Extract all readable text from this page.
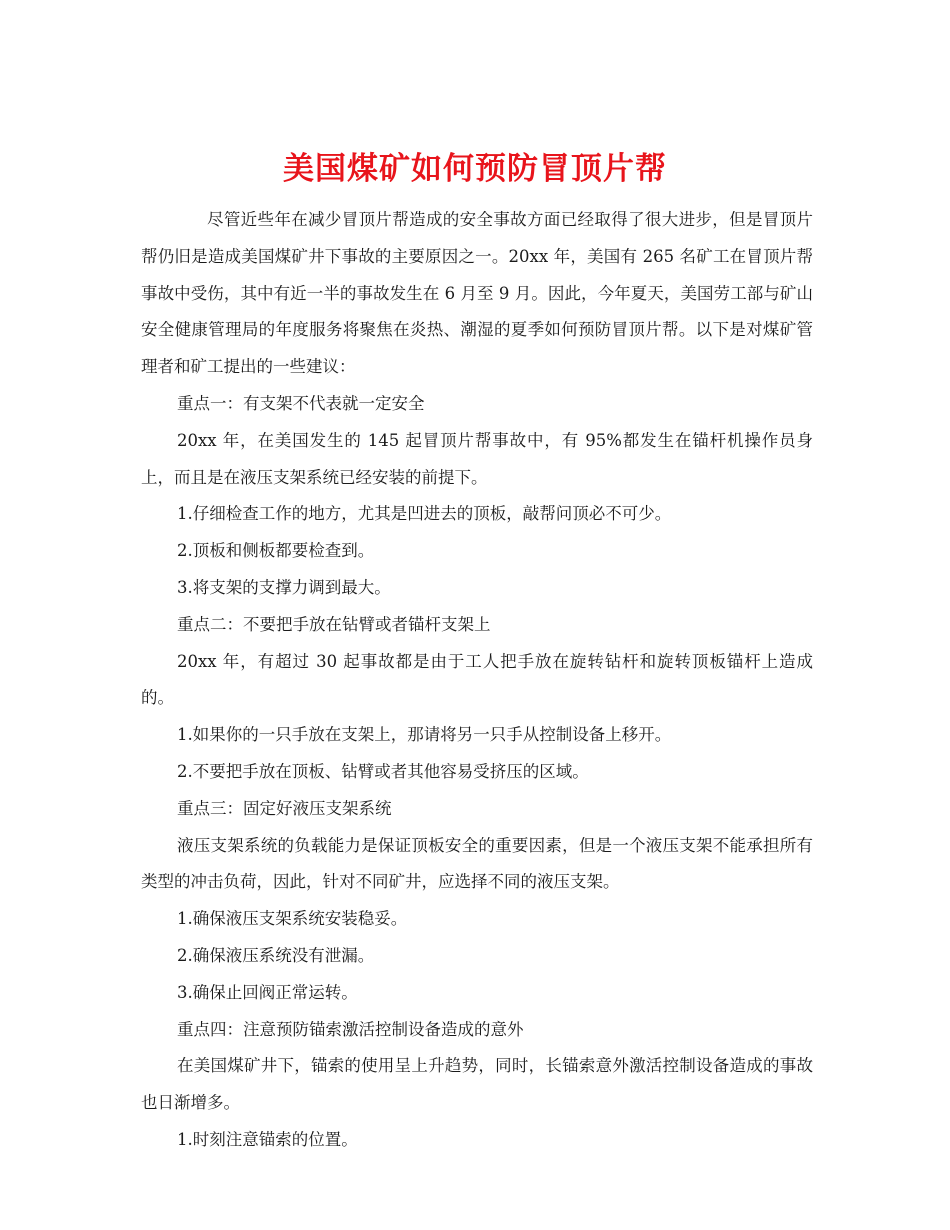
美国煤矿如何预防冒顶片帮

尽管近些年在减少冒顶片帮造成的安全事故方面已经取得了很大进步，但是冒顶片帮仍旧是造成美国煤矿井下事故的主要原因之一。20xx 年，美国有 265 名矿工在冒顶片帮事故中受伤，其中有近一半的事故发生在 6 月至 9 月。因此，今年夏天，美国劳工部与矿山安全健康管理局的年度服务将聚焦在炎热、潮湿的夏季如何预防冒顶片帮。以下是对煤矿管理者和矿工提出的一些建议：

重点一：有支架不代表就一定安全

20xx 年，在美国发生的 145 起冒顶片帮事故中，有 95%都发生在锚杆机操作员身上，而且是在液压支架系统已经安装的前提下。

1.仔细检查工作的地方，尤其是凹进去的顶板，敲帮问顶必不可少。

2.顶板和侧板都要检查到。

3.将支架的支撑力调到最大。

重点二：不要把手放在钻臂或者锚杆支架上

20xx 年，有超过 30 起事故都是由于工人把手放在旋转钻杆和旋转顶板锚杆上造成的。

1.如果你的一只手放在支架上，那请将另一只手从控制设备上移开。

2.不要把手放在顶板、钻臂或者其他容易受挤压的区域。

重点三：固定好液压支架系统

液压支架系统的负载能力是保证顶板安全的重要因素，但是一个液压支架不能承担所有类型的冲击负荷，因此，针对不同矿井，应选择不同的液压支架。

1.确保液压支架系统安装稳妥。

2.确保液压系统没有泄漏。

3.确保止回阀正常运转。

重点四：注意预防锚索激活控制设备造成的意外

在美国煤矿井下，锚索的使用呈上升趋势，同时，长锚索意外激活控制设备造成的事故也日渐增多。

1.时刻注意锚索的位置。
